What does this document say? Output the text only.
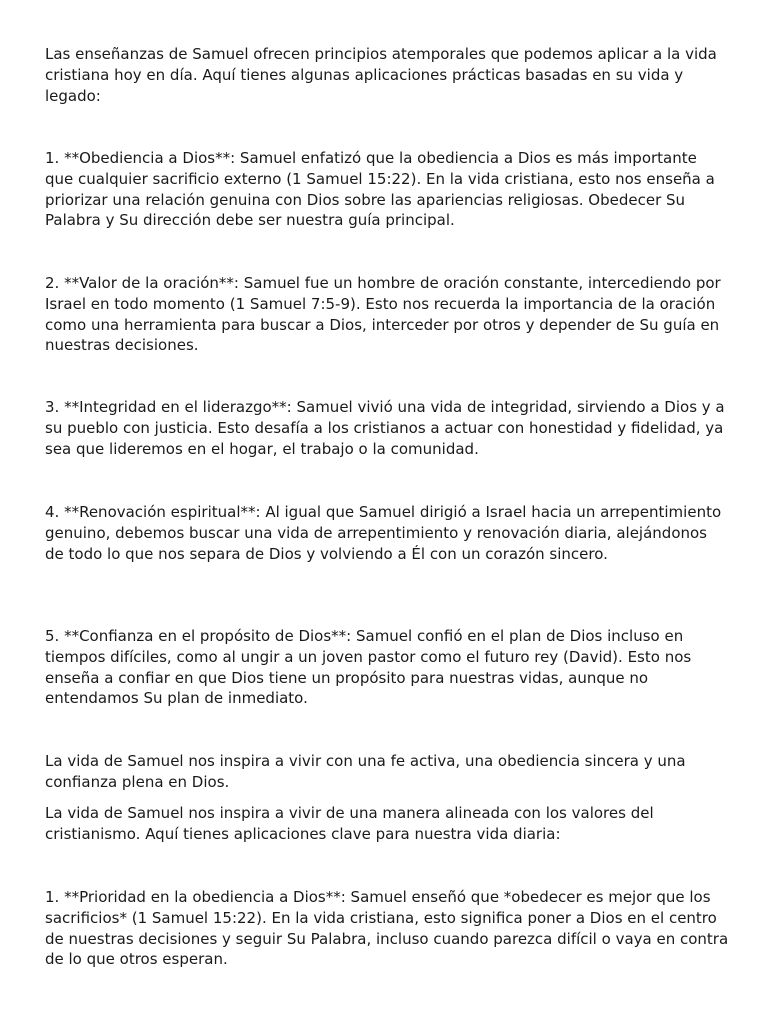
Las enseñanzas de Samuel ofrecen principios atemporales que podemos aplicar a la vida cristiana hoy en día. Aquí tienes algunas aplicaciones prácticas basadas en su vida y legado:

1. **Obediencia a Dios**: Samuel enfatizó que la obediencia a Dios es más importante que cualquier sacrificio externo (1 Samuel 15:22). En la vida cristiana, esto nos enseña a priorizar una relación genuina con Dios sobre las apariencias religiosas. Obedecer Su Palabra y Su dirección debe ser nuestra guía principal.

2. **Valor de la oración**: Samuel fue un hombre de oración constante, intercediendo por Israel en todo momento (1 Samuel 7:5-9). Esto nos recuerda la importancia de la oración como una herramienta para buscar a Dios, interceder por otros y depender de Su guía en nuestras decisiones.

3. **Integridad en el liderazgo**: Samuel vivió una vida de integridad, sirviendo a Dios y a su pueblo con justicia. Esto desafía a los cristianos a actuar con honestidad y fidelidad, ya sea que lideremos en el hogar, el trabajo o la comunidad.

4. **Renovación espiritual**: Al igual que Samuel dirigió a Israel hacia un arrepentimiento genuino, debemos buscar una vida de arrepentimiento y renovación diaria, alejándonos de todo lo que nos separa de Dios y volviendo a Él con un corazón sincero.

5. **Confianza en el propósito de Dios**: Samuel confió en el plan de Dios incluso en tiempos difíciles, como al ungir a un joven pastor como el futuro rey (David). Esto nos enseña a confiar en que Dios tiene un propósito para nuestras vidas, aunque no entendamos Su plan de inmediato.

La vida de Samuel nos inspira a vivir con una fe activa, una obediencia sincera y una confianza plena en Dios.

La vida de Samuel nos inspira a vivir de una manera alineada con los valores del cristianismo. Aquí tienes aplicaciones clave para nuestra vida diaria:

1. **Prioridad en la obediencia a Dios**: Samuel enseñó que *obedecer es mejor que los sacrificios* (1 Samuel 15:22). En la vida cristiana, esto significa poner a Dios en el centro de nuestras decisiones y seguir Su Palabra, incluso cuando parezca difícil o vaya en contra de lo que otros esperan.
